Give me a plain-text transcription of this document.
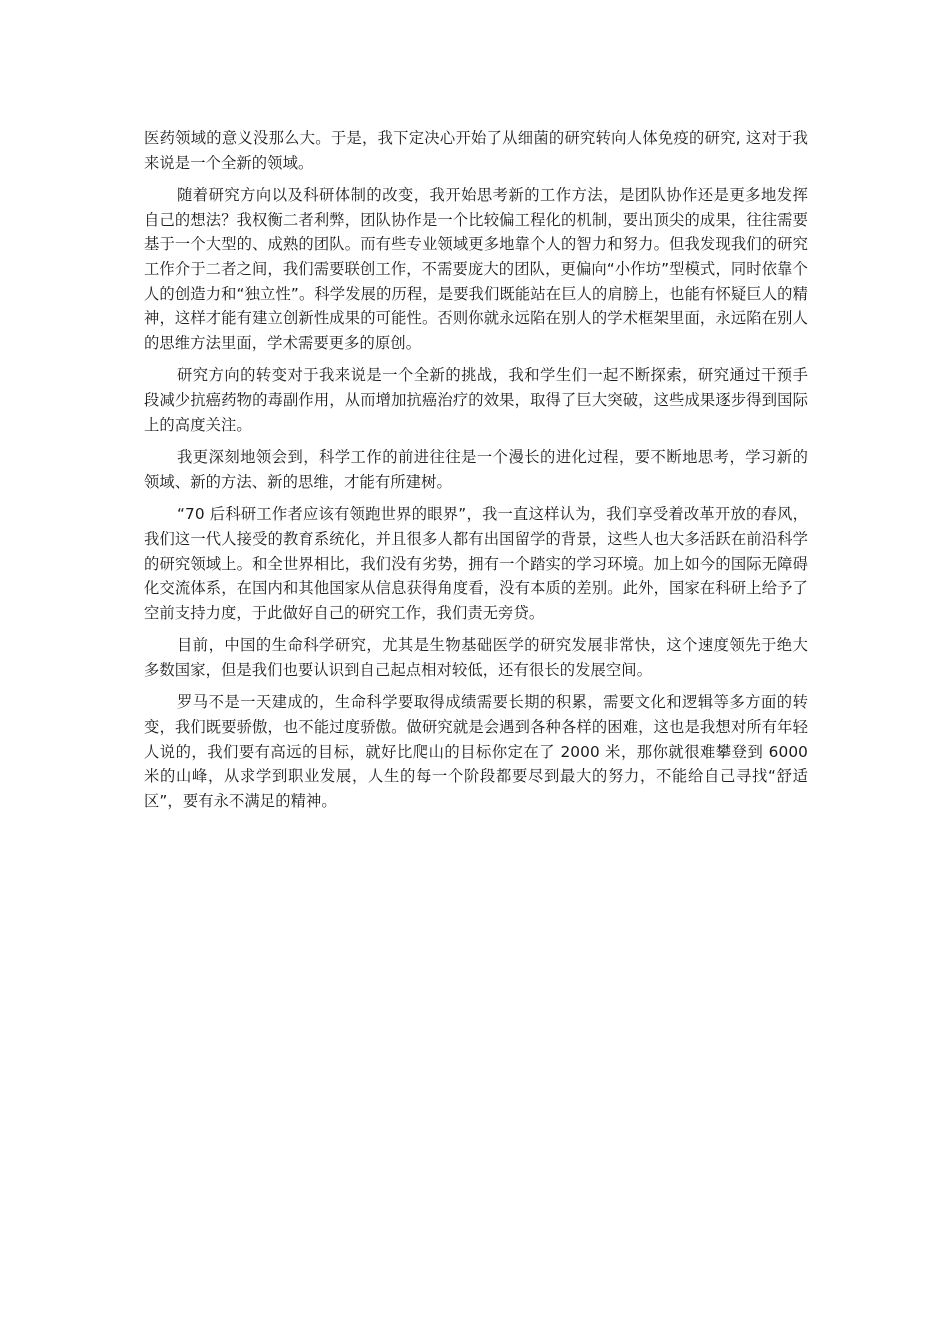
医药领域的意义没那么大。于是，我下定决心开始了从细菌的研究转向人体免疫的研究, 这对于我来说是一个全新的领域。

随着研究方向以及科研体制的改变，我开始思考新的工作方法，是团队协作还是更多地发挥自己的想法？我权衡二者利弊，团队协作是一个比较偏工程化的机制，要出顶尖的成果，往往需要基于一个大型的、成熟的团队。而有些专业领域更多地靠个人的智力和努力。但我发现我们的研究工作介于二者之间，我们需要联创工作，不需要庞大的团队，更偏向“小作坊”型模式，同时依靠个人的创造力和“独立性”。科学发展的历程，是要我们既能站在巨人的肩膀上，也能有怀疑巨人的精神，这样才能有建立创新性成果的可能性。否则你就永远陷在别人的学术框架里面，永远陷在别人的思维方法里面，学术需要更多的原创。

研究方向的转变对于我来说是一个全新的挑战，我和学生们一起不断探索，研究通过干预手段减少抗癌药物的毒副作用，从而增加抗癌治疗的效果，取得了巨大突破，这些成果逐步得到国际上的高度关注。

我更深刻地领会到，科学工作的前进往往是一个漫长的进化过程，要不断地思考，学习新的领域、新的方法、新的思维，才能有所建树。

“70 后科研工作者应该有领跑世界的眼界”，我一直这样认为，我们享受着改革开放的春风，我们这一代人接受的教育系统化，并且很多人都有出国留学的背景，这些人也大多活跃在前沿科学的研究领域上。和全世界相比，我们没有劣势，拥有一个踏实的学习环境。加上如今的国际无障碍化交流体系，在国内和其他国家从信息获得角度看，没有本质的差别。此外，国家在科研上给予了空前支持力度，于此做好自己的研究工作，我们责无旁贷。

目前，中国的生命科学研究，尤其是生物基础医学的研究发展非常快，这个速度领先于绝大多数国家，但是我们也要认识到自己起点相对较低，还有很长的发展空间。

罗马不是一天建成的，生命科学要取得成绩需要长期的积累，需要文化和逻辑等多方面的转变，我们既要骄傲，也不能过度骄傲。做研究就是会遇到各种各样的困难，这也是我想对所有年轻人说的，我们要有高远的目标，就好比爬山的目标你定在了 2000 米，那你就很难攀登到 6000 米的山峰，从求学到职业发展，人生的每一个阶段都要尽到最大的努力，不能给自己寻找“舒适区”，要有永不满足的精神。
